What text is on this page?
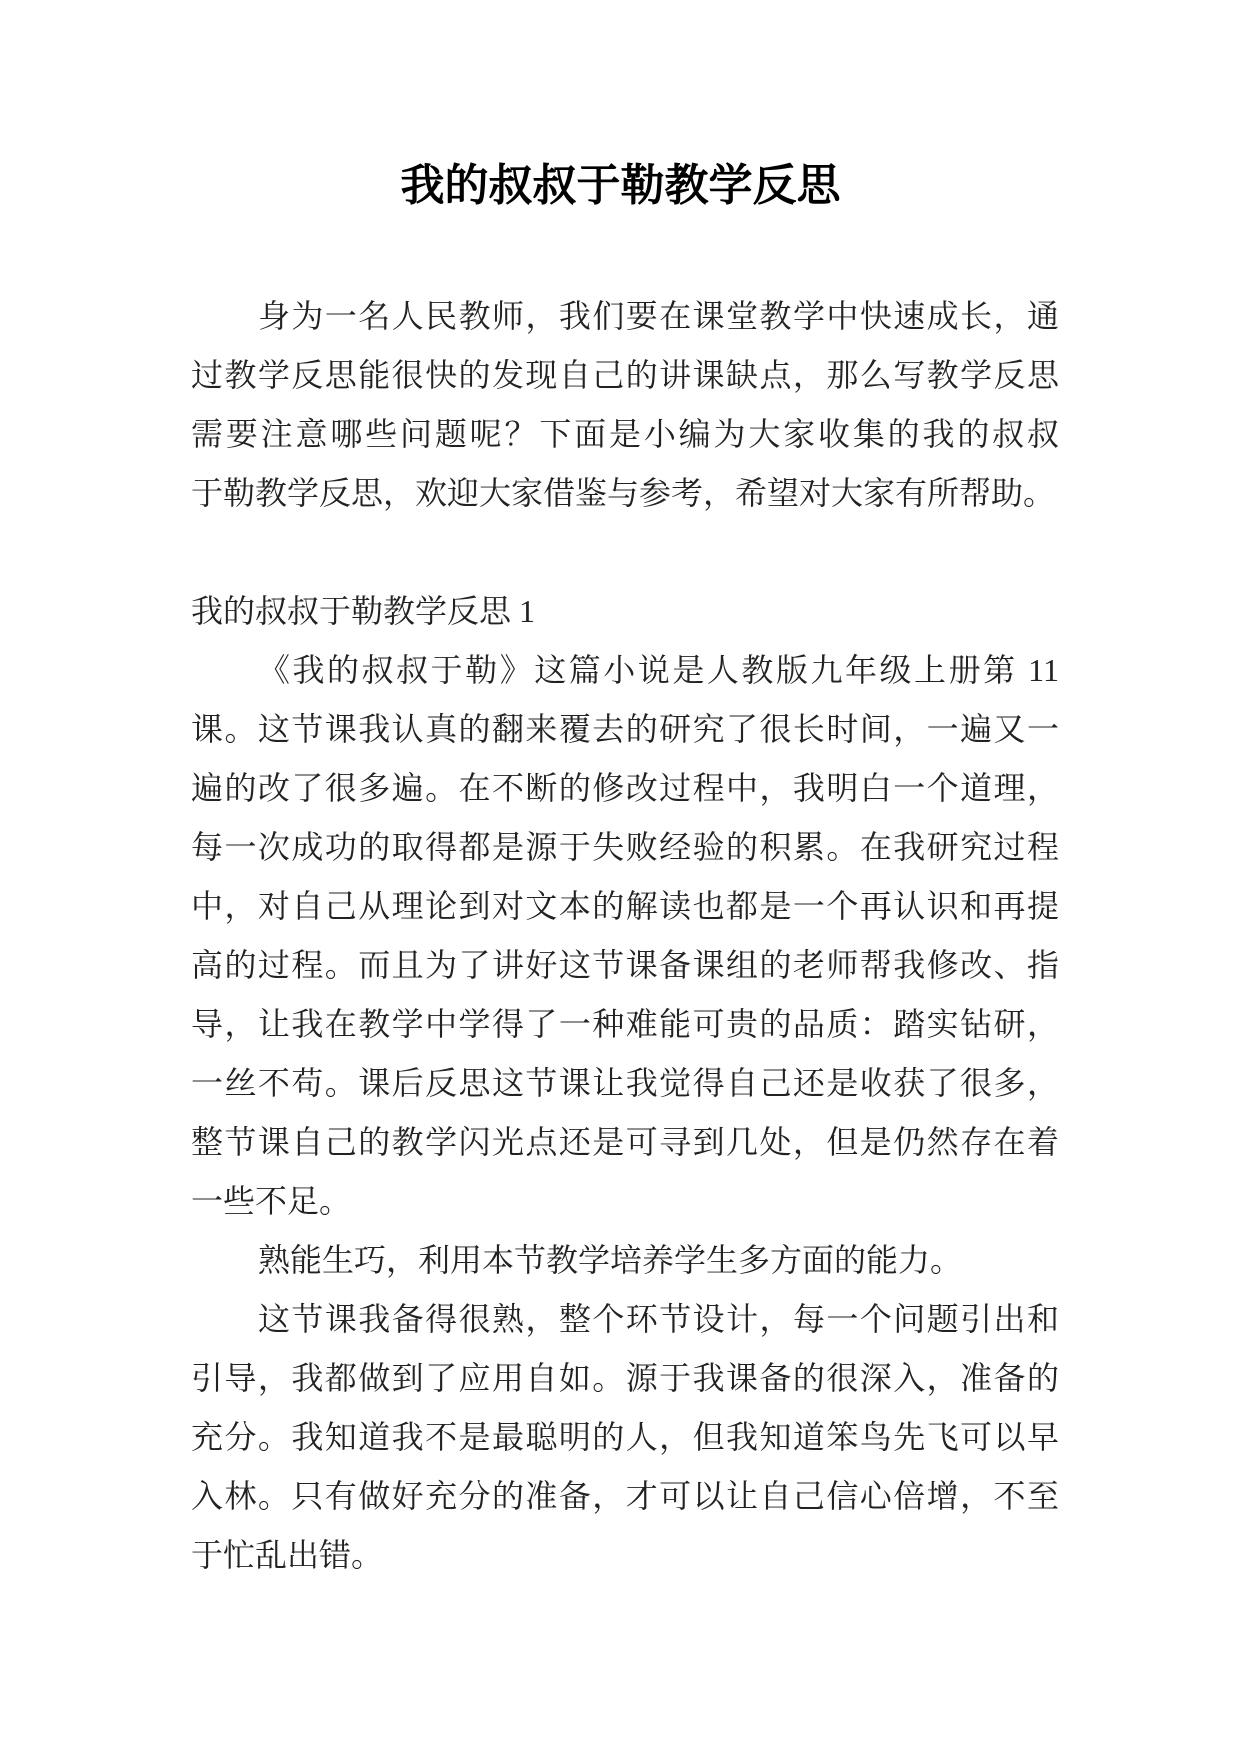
我的叔叔于勒教学反思
身为一名人民教师，我们要在课堂教学中快速成长，通
过教学反思能很快的发现自己的讲课缺点，那么写教学反思
需要注意哪些问题呢？下面是小编为大家收集的我的叔叔
于勒教学反思，欢迎大家借鉴与参考，希望对大家有所帮助。
我的叔叔于勒教学反思 1
《我的叔叔于勒》这篇小说是人教版九年级上册第 11
课。这节课我认真的翻来覆去的研究了很长时间，一遍又一
遍的改了很多遍。在不断的修改过程中，我明白一个道理，
每一次成功的取得都是源于失败经验的积累。在我研究过程
中，对自己从理论到对文本的解读也都是一个再认识和再提
高的过程。而且为了讲好这节课备课组的老师帮我修改、指
导，让我在教学中学得了一种难能可贵的品质：踏实钻研，
一丝不苟。课后反思这节课让我觉得自己还是收获了很多，
整节课自己的教学闪光点还是可寻到几处，但是仍然存在着
一些不足。
熟能生巧，利用本节教学培养学生多方面的能力。
这节课我备得很熟，整个环节设计，每一个问题引出和
引导，我都做到了应用自如。源于我课备的很深入，准备的
充分。我知道我不是最聪明的人，但我知道笨鸟先飞可以早
入林。只有做好充分的准备，才可以让自己信心倍增，不至
于忙乱出错。
